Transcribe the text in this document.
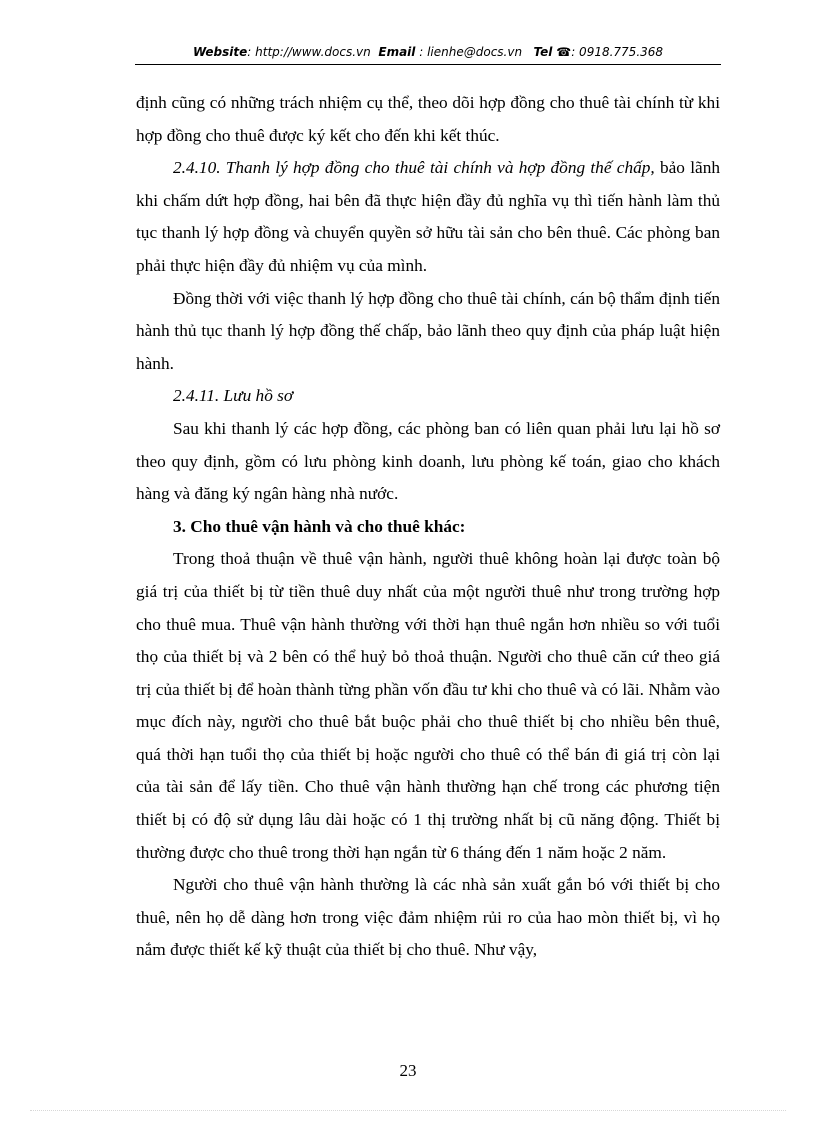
Website: http://www.docs.vn Email : lienhe@docs.vn Tel ☎: 0918.775.368

định cũng có những trách nhiệm cụ thể, theo dõi hợp đồng cho thuê tài chính từ khi hợp đồng cho thuê được ký kết cho đến khi kết thúc.

2.4.10. Thanh lý hợp đồng cho thuê tài chính và hợp đồng thế chấp, bảo lãnh khi chấm dứt hợp đồng, hai bên đã thực hiện đầy đủ nghĩa vụ thì tiến hành làm thủ tục thanh lý hợp đồng và chuyển quyền sở hữu tài sản cho bên thuê. Các phòng ban phải thực hiện đầy đủ nhiệm vụ của mình.

Đồng thời với việc thanh lý hợp đồng cho thuê tài chính, cán bộ thẩm định tiến hành thủ tục thanh lý hợp đồng thế chấp, bảo lãnh theo quy định của pháp luật hiện hành.

2.4.11. Lưu hồ sơ

Sau khi thanh lý các hợp đồng, các phòng ban có liên quan phải lưu lại hồ sơ theo quy định, gồm có lưu phòng kinh doanh, lưu phòng kế toán, giao cho khách hàng và đăng ký ngân hàng nhà nước.

3. Cho thuê vận hành và cho thuê khác:

Trong thoả thuận về thuê vận hành, người thuê không hoàn lại được toàn bộ giá trị của thiết bị từ tiền thuê duy nhất của một người thuê như trong trường hợp cho thuê mua. Thuê vận hành thường với thời hạn thuê ngắn hơn nhiều so với tuổi thọ của thiết bị và 2 bên có thể huỷ bỏ thoả thuận. Người cho thuê căn cứ theo giá trị của thiết bị để hoàn thành từng phần vốn đầu tư khi cho thuê và có lãi. Nhằm vào mục đích này, người cho thuê bắt buộc phải cho thuê thiết bị cho nhiều bên thuê, quá thời hạn tuổi thọ của thiết bị hoặc người cho thuê có thể bán đi giá trị còn lại của tài sản để lấy tiền. Cho thuê vận hành thường hạn chế trong các phương tiện thiết bị có độ sử dụng lâu dài hoặc có 1 thị trường nhất bị cũ năng động. Thiết bị thường được cho thuê trong thời hạn ngắn từ 6 tháng đến 1 năm hoặc 2 năm.

Người cho thuê vận hành thường là các nhà sản xuất gắn bó với thiết bị cho thuê, nên họ dễ dàng hơn trong việc đảm nhiệm rủi ro của hao mòn thiết bị, vì họ nắm được thiết kế kỹ thuật của thiết bị cho thuê. Như vậy,

23
